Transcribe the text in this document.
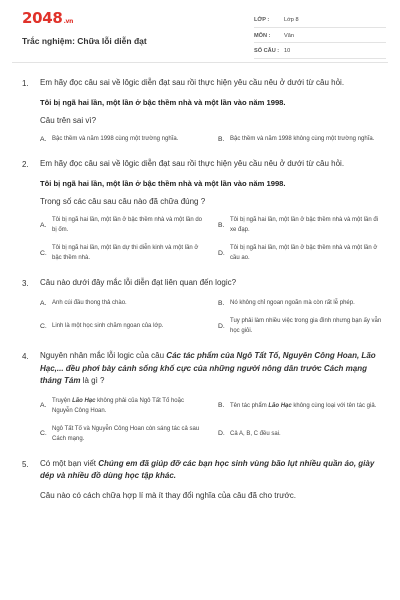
2048.vn
Trắc nghiệm: Chữa lỗi diễn đạt
LỚP :	Lớp 8
MÔN :	Văn
SỐ CÂU : 10
1.	Em hãy đọc câu sai về lôgic diễn đạt sau rồi thực hiện yêu cầu nêu ở dưới từ câu hỏi.
Tôi bị ngã hai lần, một lần ở bậc thềm nhà và một lần vào năm 1998.
Câu trên sai vì?
A. Bậc thềm và năm 1998 cùng một trường nghĩa.	B. Bậc thềm và năm 1998 không cùng một trường nghĩa.
2.	Em hãy đọc câu sai về lôgic diễn đạt sau rồi thực hiện yêu cầu nêu ở dưới từ câu hỏi.
Tôi bị ngã hai lần, một lần ở bậc thềm nhà và một lần vào năm 1998.
Trong số các câu sau câu nào đã chữa đúng ?
A.
Tôi bị ngã hai lần, một lần ở bậc thềm nhà và một lần do bị ốm.
B.
Tôi bị ngã hai lần, một lần ở bậc thềm nhà và một lần đi xe đạp.
C.
Tôi bị ngã hai lần, một lần dự thi diễn kinh và một lần ở bậc thềm nhà.
D.
Tôi bị ngã hai lần, một lần ở bậc thềm nhà và một lần ở cầu ao.
3.	Câu nào dưới đây mắc lỗi diễn đạt liên quan đến logic?
A. Anh cúi đầu thong thả chào.	B. Nó không chỉ ngoan ngoãn mà còn rất lễ phép.
C. Linh là một học sinh chăm ngoan của lớp.	D.
Tuy phải làm nhiều việc trong gia đình nhưng bạn ấy vẫn học giỏi.
4.	Nguyên nhân mắc lỗi logic của câu Các tác phẩm của Ngô Tất Tố, Nguyên Công Hoan, Lão Hạc,... đều phơi bày cảnh sống khố cực của những người nông dân trước Cách mạng tháng Tám là gì ?
A.
Truyện Lão Hạc không phải của Ngô Tất Tố hoặc Nguyễn Công Hoan.
B. Tên tác phẩm Lão Hạc không cùng loại với tên tác giả.
C.
Ngô Tất Tố và Nguyễn Công Hoan còn sáng tác cả sau Cách mạng.
D. Cả A, B, C đều sai.
5.	Có một bạn viết Chúng em đã giúp đỡ các bạn học sinh vùng bão lụt nhiều quần áo, giày dép và nhiều đồ dùng học tập khác.
Câu nào có cách chữa hợp lí mà ít thay đổi nghĩa của câu đã cho trước.
